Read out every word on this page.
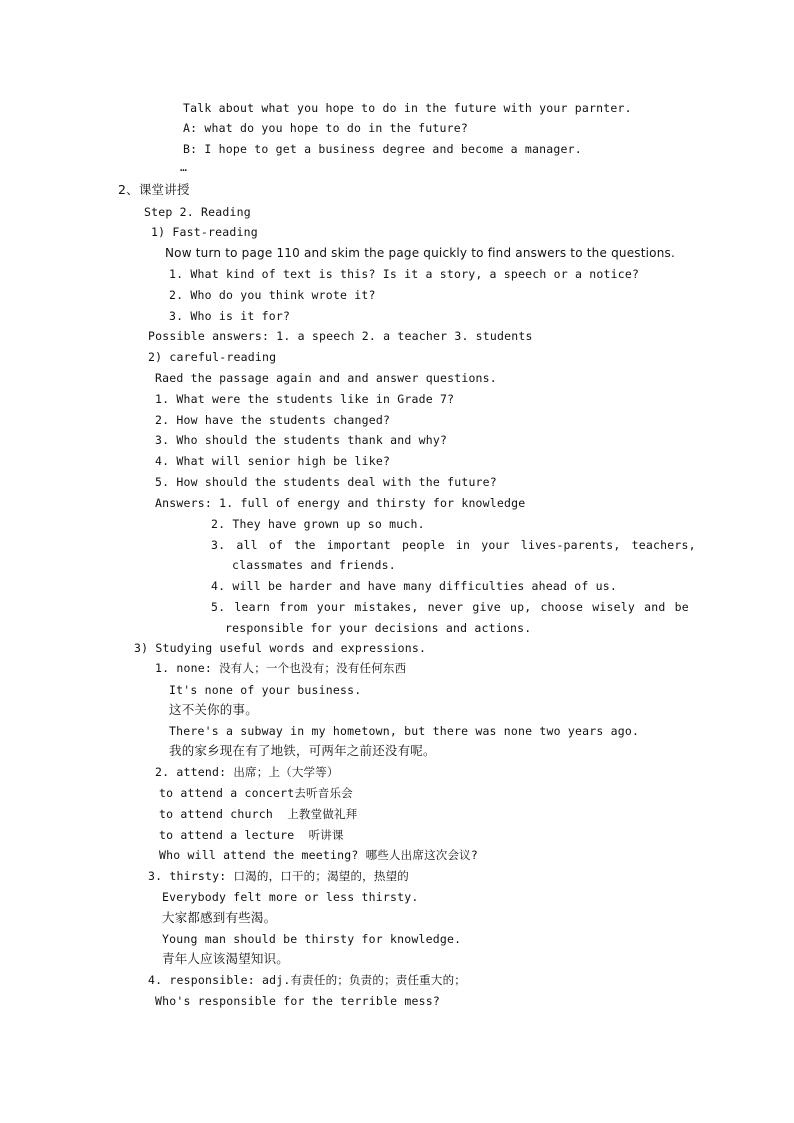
Talk about what you hope to do in the future with your parnter.
A: what do you hope to do in the future?
B: I hope to get a business degree and become a manager.
…
2、课堂讲授
Step 2. Reading
1) Fast-reading
Now turn to page 110 and skim the page quickly to find answers to the questions.
1. What kind of text is this? Is it a story, a speech or a notice?
2. Who do you think wrote it?
3. Who is it for?
Possible answers: 1. a speech 2. a teacher 3. students
2) careful-reading
Raed the passage again and and answer questions.
1. What were the students like in Grade 7?
2. How have the students changed?
3. Who should the students thank and why?
4. What will senior high be like?
5. How should the students deal with the future?
Answers: 1. full of energy and thirsty for knowledge
2. They have grown up so much.
3. all of the important people in your lives-parents, teachers,
classmates and friends.
4. will be harder and have many difficulties ahead of us.
5. learn from your mistakes, never give up, choose wisely and be
responsible for your decisions and actions.
3) Studying useful words and expressions.
1. none: 没有人；一个也没有；没有任何东西
It's none of your business.
这不关你的事。
There's a subway in my hometown, but there was none two years ago.
我的家乡现在有了地铁，可两年之前还没有呢。
2. attend: 出席；上（大学等）
to attend a concert去听音乐会
to attend church  上教堂做礼拜
to attend a lecture  听讲课
Who will attend the meeting? 哪些人出席这次会议?
3. thirsty: 口渴的，口干的；渴望的，热望的
Everybody felt more or less thirsty.
大家都感到有些渴。
Young man should be thirsty for knowledge.
青年人应该渴望知识。
4. responsible: adj.有责任的；负责的；责任重大的；
Who's responsible for the terrible mess?
